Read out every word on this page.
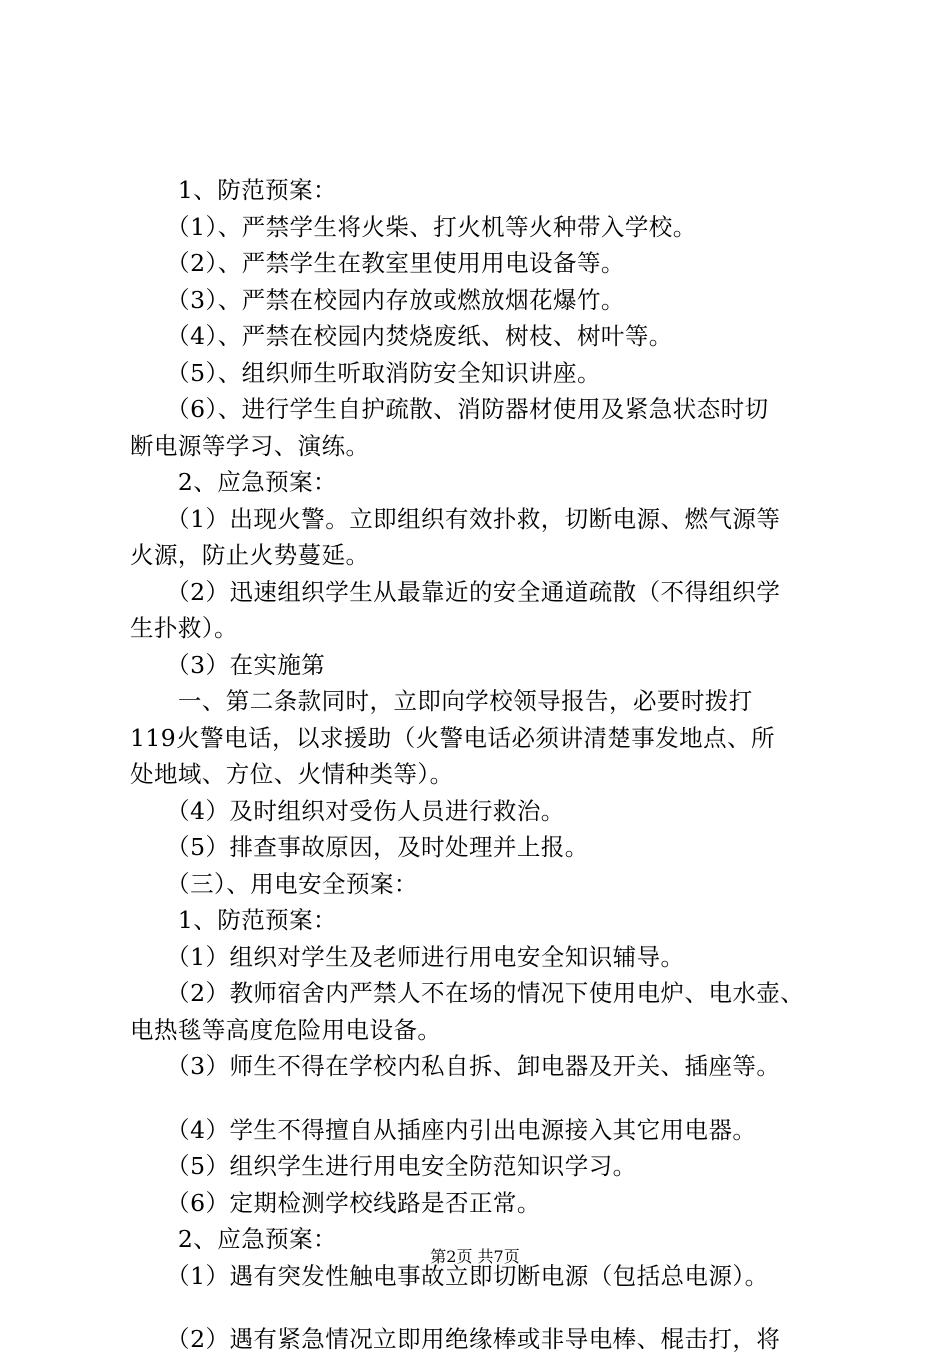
　　1、防范预案：
　　（1）、严禁学生将火柴、打火机等火种带入学校。
　　（2）、严禁学生在教室里使用用电设备等。
　　（3）、严禁在校园内存放或燃放烟花爆竹。
　　（4）、严禁在校园内焚烧废纸、树枝、树叶等。
　　（5）、组织师生听取消防安全知识讲座。
　　（6）、进行学生自护疏散、消防器材使用及紧急状态时切
断电源等学习、演练。
　　2、应急预案：
　　（1）出现火警。立即组织有效扑救，切断电源、燃气源等
火源，防止火势蔓延。
　　（2）迅速组织学生从最靠近的安全通道疏散（不得组织学
生扑救）。
　　（3）在实施第
　　一、第二条款同时，立即向学校领导报告，必要时拨打
119火警电话，以求援助（火警电话必须讲清楚事发地点、所
处地域、方位、火情种类等）。
　　（4）及时组织对受伤人员进行救治。
　　（5）排查事故原因，及时处理并上报。
　　（三）、用电安全预案：
　　1、防范预案：
　　（1）组织对学生及老师进行用电安全知识辅导。
　　（2）教师宿舍内严禁人不在场的情况下使用电炉、电水壶、
电热毯等高度危险用电设备。
　　（3）师生不得在学校内私自拆、卸电器及开关、插座等。
　　（4）学生不得擅自从插座内引出电源接入其它用电器。
　　（5）组织学生进行用电安全防范知识学习。
　　（6）定期检测学校线路是否正常。
　　2、应急预案：
　　（1）遇有突发性触电事故立即切断电源（包括总电源）。
　　（2）遇有紧急情况立即用绝缘棒或非导电棒、棍击打，将
第2页 共7页
